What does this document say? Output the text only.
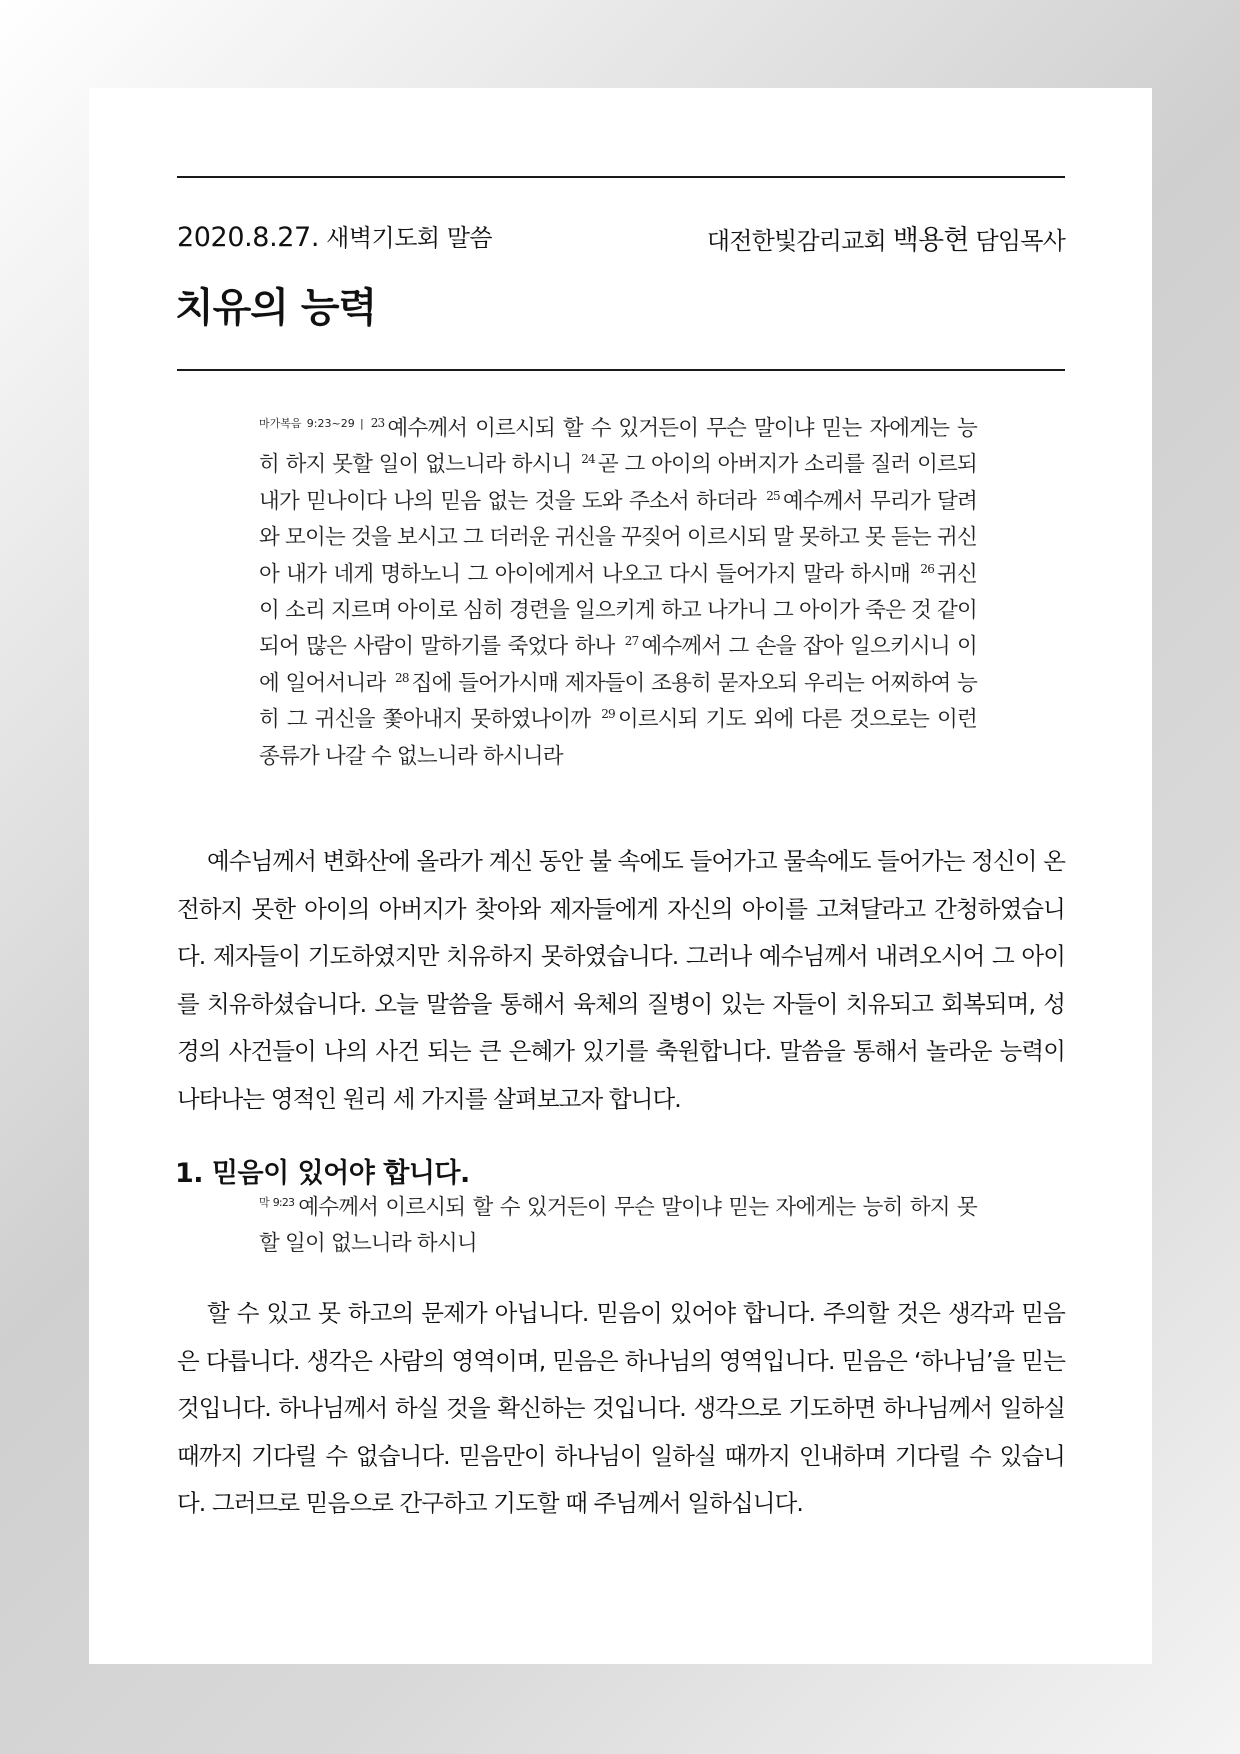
2020.8.27. 새벽기도회 말씀	대전한빛감리교회 백용현 담임목사
치유의 능력
$^{마가복음 9:23\sim 29 |}$ $^{23}$ 예수께서 이르시되 할 수 있거든이 무슨 말이냐 믿는 자에게는 능히 하지 못할 일이 없느니라 하시니 $^{24}$ 곧 그 아이의 아버지가 소리를 질러 이르되 내가 믿나이다 나의 믿음 없는 것을 도와 주소서 하더라 $^{25}$ 예수께서 무리가 달려와 모이는 것을 보시고 그 더러운 귀신을 꾸짖어 이르시되 말 못하고 못 듣는 귀신아 내가 네게 명하노니 그 아이에게서 나오고 다시 들어가지 말라 하시매 $^{26}$ 귀신이 소리 지르며 아이로 심히 경련을 일으키게 하고 나가니 그 아이가 죽은 것 같이 되어 많은 사람이 말하기를 죽었다 하나 $^{27}$ 예수께서 그 손을 잡아 일으키시니 이에 일어서니라 $^{28}$ 집에 들어가시매 제자들이 조용히 묻자오되 우리는 어찌하여 능히 그 귀신을 쫓아내지 못하였나이까 $^{29}$ 이르시되 기도 외에 다른 것으로는 이런 종류가 나갈 수 없느니라 하시니라

예수님께서 변화산에 올라가 계신 동안 불 속에도 들어가고 물속에도 들어가는 정신이 온전하지 못한 아이의 아버지가 찾아와 제자들에게 자신의 아이를 고쳐달라고 간청하였습니다. 제자들이 기도하였지만 치유하지 못하였습니다. 그러나 예수님께서 내려오시어 그 아이를 치유하셨습니다. 오늘 말씀을 통해서 육체의 질병이 있는 자들이 치유되고 회복되며, 성경의 사건들이 나의 사건 되는 큰 은혜가 있기를 축원합니다. 말씀을 통해서 놀라운 능력이 나타나는 영적인 원리 세 가지를 살펴보고자 합니다.

1. 믿음이 있어야 합니다.
$^{막 9:23}$ 예수께서 이르시되 할 수 있거든이 무슨 말이냐 믿는 자에게는 능히 하지 못할 일이 없느니라 하시니

할 수 있고 못 하고의 문제가 아닙니다. 믿음이 있어야 합니다. 주의할 것은 생각과 믿음은 다릅니다. 생각은 사람의 영역이며, 믿음은 하나님의 영역입니다. 믿음은 ‘하나님’을 믿는 것입니다. 하나님께서 하실 것을 확신하는 것입니다. 생각으로 기도하면 하나님께서 일하실 때까지 기다릴 수 없습니다. 믿음만이 하나님이 일하실 때까지 인내하며 기다릴 수 있습니다. 그러므로 믿음으로 간구하고 기도할 때 주님께서 일하십니다.
